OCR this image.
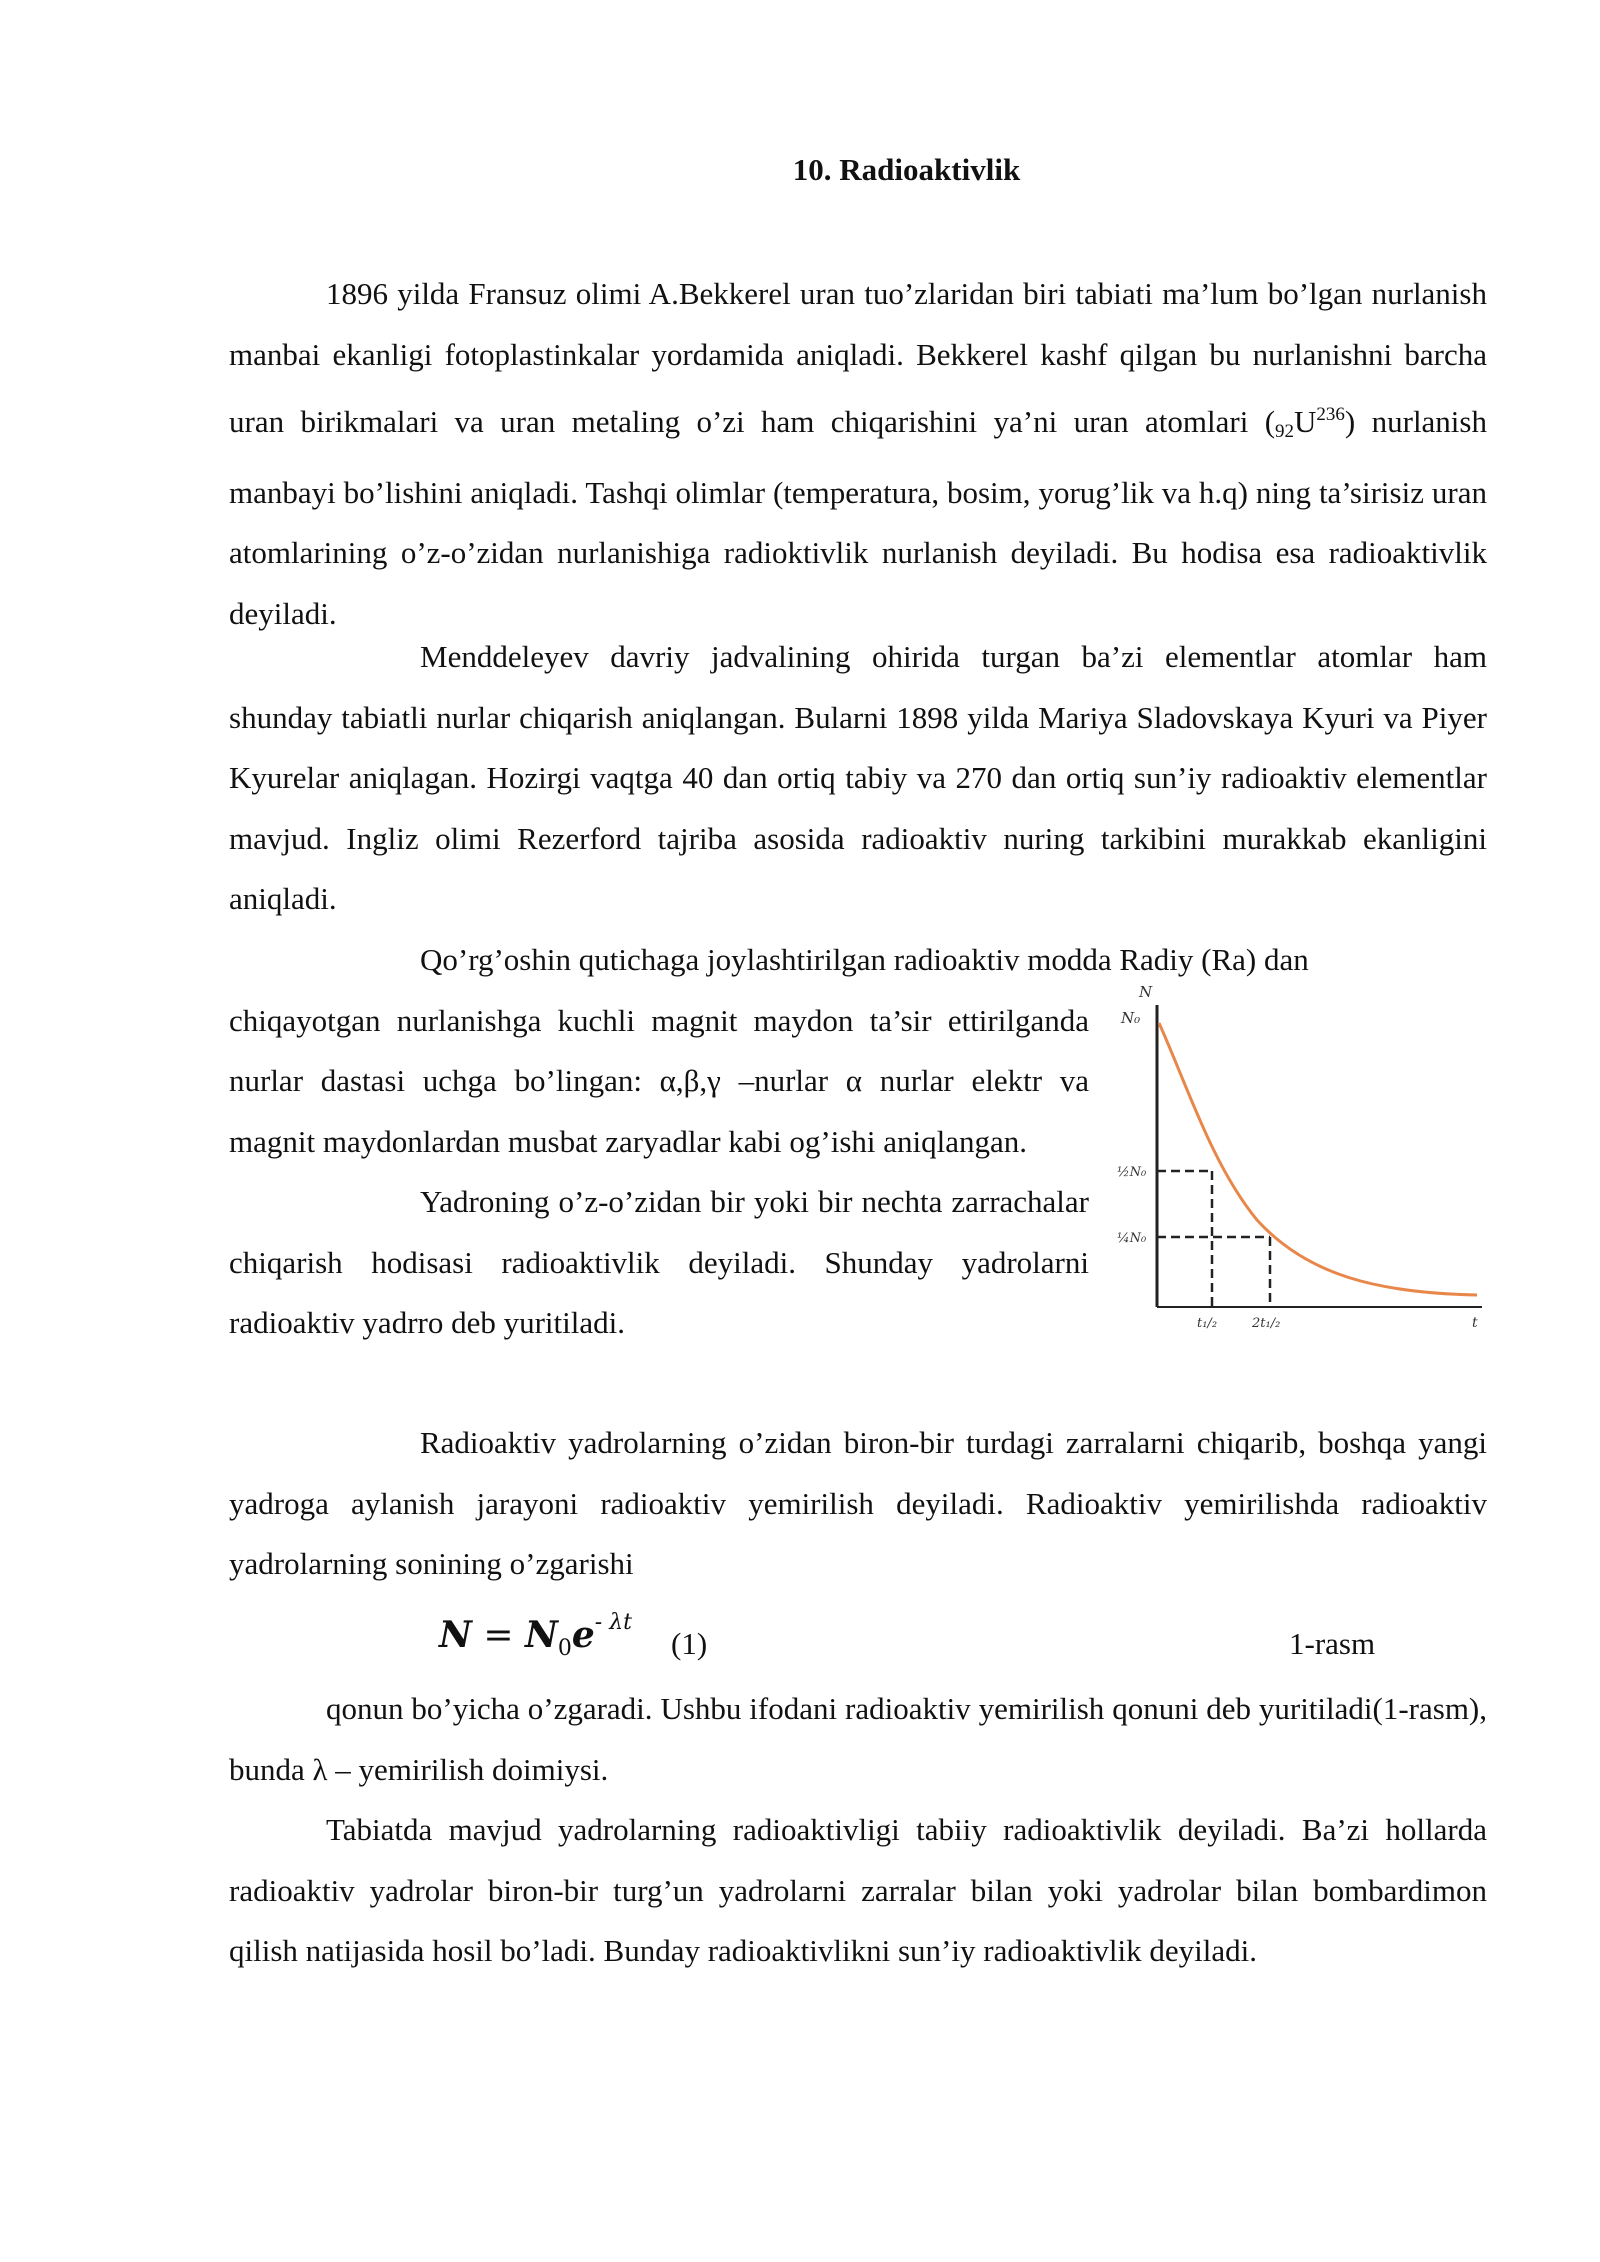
10. Radioaktivlik

1896 yilda Fransuz olimi A.Bekkerel uran tuo’zlaridan biri tabiati ma’lum bo’lgan nurlanish manbai ekanligi fotoplastinkalar yordamida aniqladi. Bekkerel kashf qilgan bu nurlanishni barcha uran birikmalari va uran metaling o’zi ham chiqarishini ya’ni uran atomlari $(_{92}U^{236})$ nurlanish manbayi bo’lishini aniqladi. Tashqi olimlar (temperatura, bosim, yorug’lik va h.q) ning ta’sirisiz uran atomlarining o’z-o’zidan nurlanishiga radioktivlik nurlanish deyiladi. Bu hodisa esa radioaktivlik deyiladi.

Menddeleyev davriy jadvalining ohirida turgan ba’zi elementlar atomlar ham shunday tabiatli nurlar chiqarish aniqlangan. Bularni 1898 yilda Mariya Sladovskaya Kyuri va Piyer Kyurelar aniqlagan. Hozirgi vaqtga 40 dan ortiq tabiy va 270 dan ortiq sun’iy radioaktiv elementlar mavjud. Ingliz olimi Rezerford tajriba asosida radioaktiv nuring tarkibini murakkab ekanligini aniqladi.

Qo’rg’oshin qutichaga joylashtirilgan radioaktiv modda Radiy (Ra) dan

chiqayotgan nurlanishga kuchli magnit maydon ta’sir ettirilganda nurlar dastasi uchga bo’lingan: α,β,γ –nurlar α nurlar elektr va magnit maydonlardan musbat zaryadlar kabi og’ishi aniqlangan.

Yadroning o’z-o’zidan bir yoki bir nechta zarrachalar chiqarish hodisasi radioaktivlik deyiladi. Shunday yadrolarni radioaktiv yadrro deb yuritiladi.

N
N₀
½N₀
¼N₀
t₁/₂	2t₁/₂	t

Radioaktiv yadrolarning o’zidan biron-bir turdagi zarralarni chiqarib, boshqa yangi yadroga aylanish jarayoni radioaktiv yemirilish deyiladi. Radioaktiv yemirilishda radioaktiv yadrolarning sonining o’zgarishi

$N = N_0e^{- \lambda t}$
(1)	1-rasm

qonun bo’yicha o’zgaradi. Ushbu ifodani radioaktiv yemirilish qonuni deb yuritiladi(1-rasm), bunda λ – yemirilish doimiysi.

Tabiatda mavjud yadrolarning radioaktivligi tabiiy radioaktivlik deyiladi. Ba’zi hollarda radioaktiv yadrolar biron-bir turg’un yadrolarni zarralar bilan yoki yadrolar bilan bombardimon qilish natijasida hosil bo’ladi. Bunday radioaktivlikni sun’iy radioaktivlik deyiladi.
